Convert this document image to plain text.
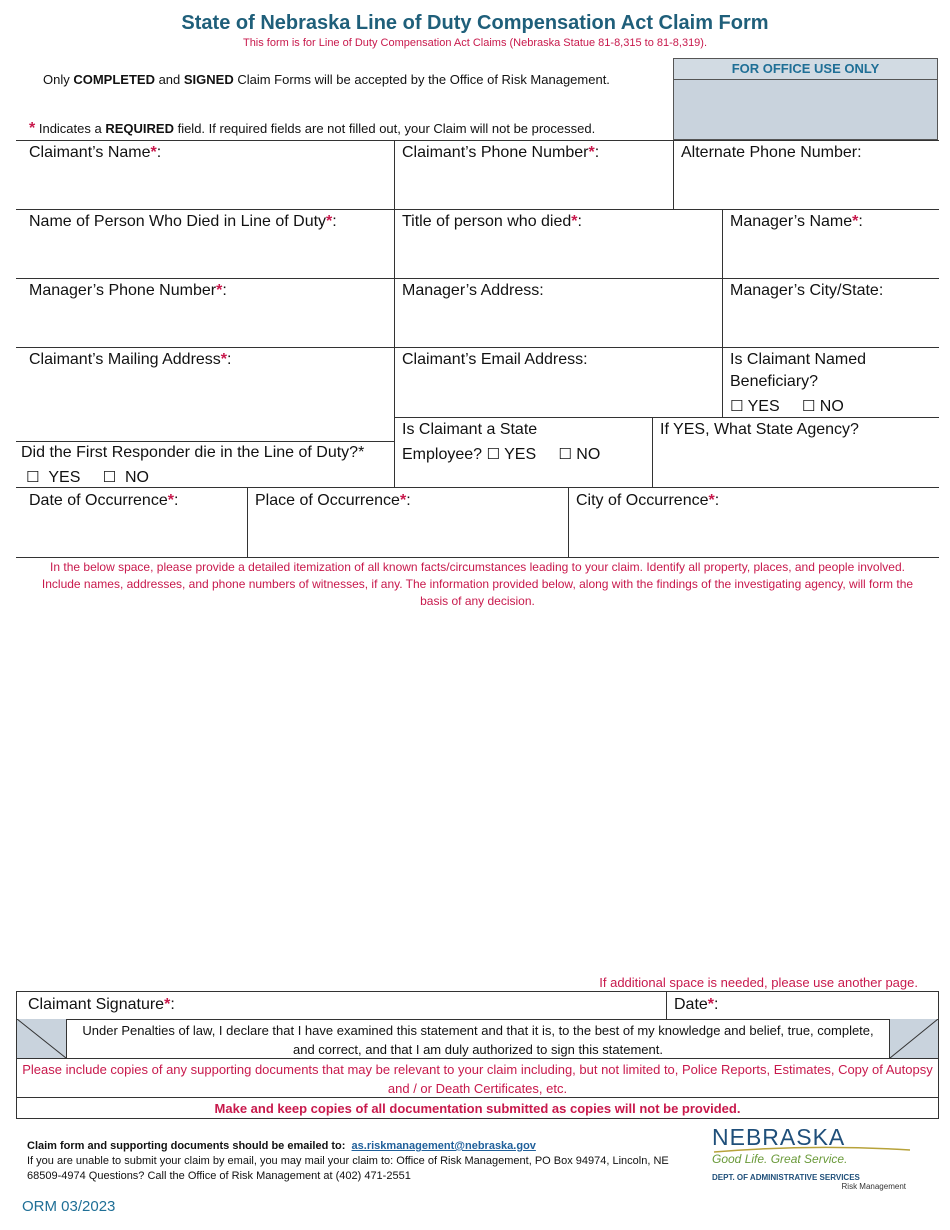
State of Nebraska Line of Duty Compensation Act Claim Form
This form is for Line of Duty Compensation Act Claims (Nebraska Statue 81-8,315 to 81-8,319).
Only COMPLETED and SIGNED Claim Forms will be accepted by the Office of Risk Management.
* Indicates a REQUIRED field. If required fields are not filled out, your Claim will not be processed.
FOR OFFICE USE ONLY
Claimant’s Name*:	Claimant’s Phone Number*:	Alternate Phone Number:
Name of Person Who Died in Line of Duty*:	Title of person who died*:	Manager’s Name*:
Manager’s Phone Number*:	Manager’s Address:	Manager’s City/State:
Claimant’s Mailing Address*:	Claimant’s Email Address:	Is Claimant Named Beneficiary?
☐ YES ☐ NO
Is Claimant a State
Employee? ☐ YES ☐ NO
If YES, What State Agency?
Did the First Responder die in the Line of Duty?*
☐ YES ☐ NO
Date of Occurrence*:	Place of Occurrence*:	City of Occurrence*:
In the below space, please provide a detailed itemization of all known facts/circumstances leading to your claim. Identify all property, places, and people involved. Include names, addresses, and phone numbers of witnesses, if any. The information provided below, along with the findings of the investigating agency, will form the basis of any decision.
If additional space is needed, please use another page.
Claimant Signature*:	Date*:
Under Penalties of law, I declare that I have examined this statement and that it is, to the best of my knowledge and belief, true, complete, and correct, and that I am duly authorized to sign this statement.
Please include copies of any supporting documents that may be relevant to your claim including, but not limited to, Police Reports, Estimates, Copy of Autopsy and / or Death Certificates, etc.
Make and keep copies of all documentation submitted as copies will not be provided.
Claim form and supporting documents should be emailed to: as.riskmanagement@nebraska.gov
If you are unable to submit your claim by email, you may mail your claim to: Office of Risk Management, PO Box 94974, Lincoln, NE 68509-4974 Questions? Call the Office of Risk Management at (402) 471-2551
ORM 03/2023
NEBRASKA
Good Life. Great Service.
DEPT. OF ADMINISTRATIVE SERVICES
Risk Management
